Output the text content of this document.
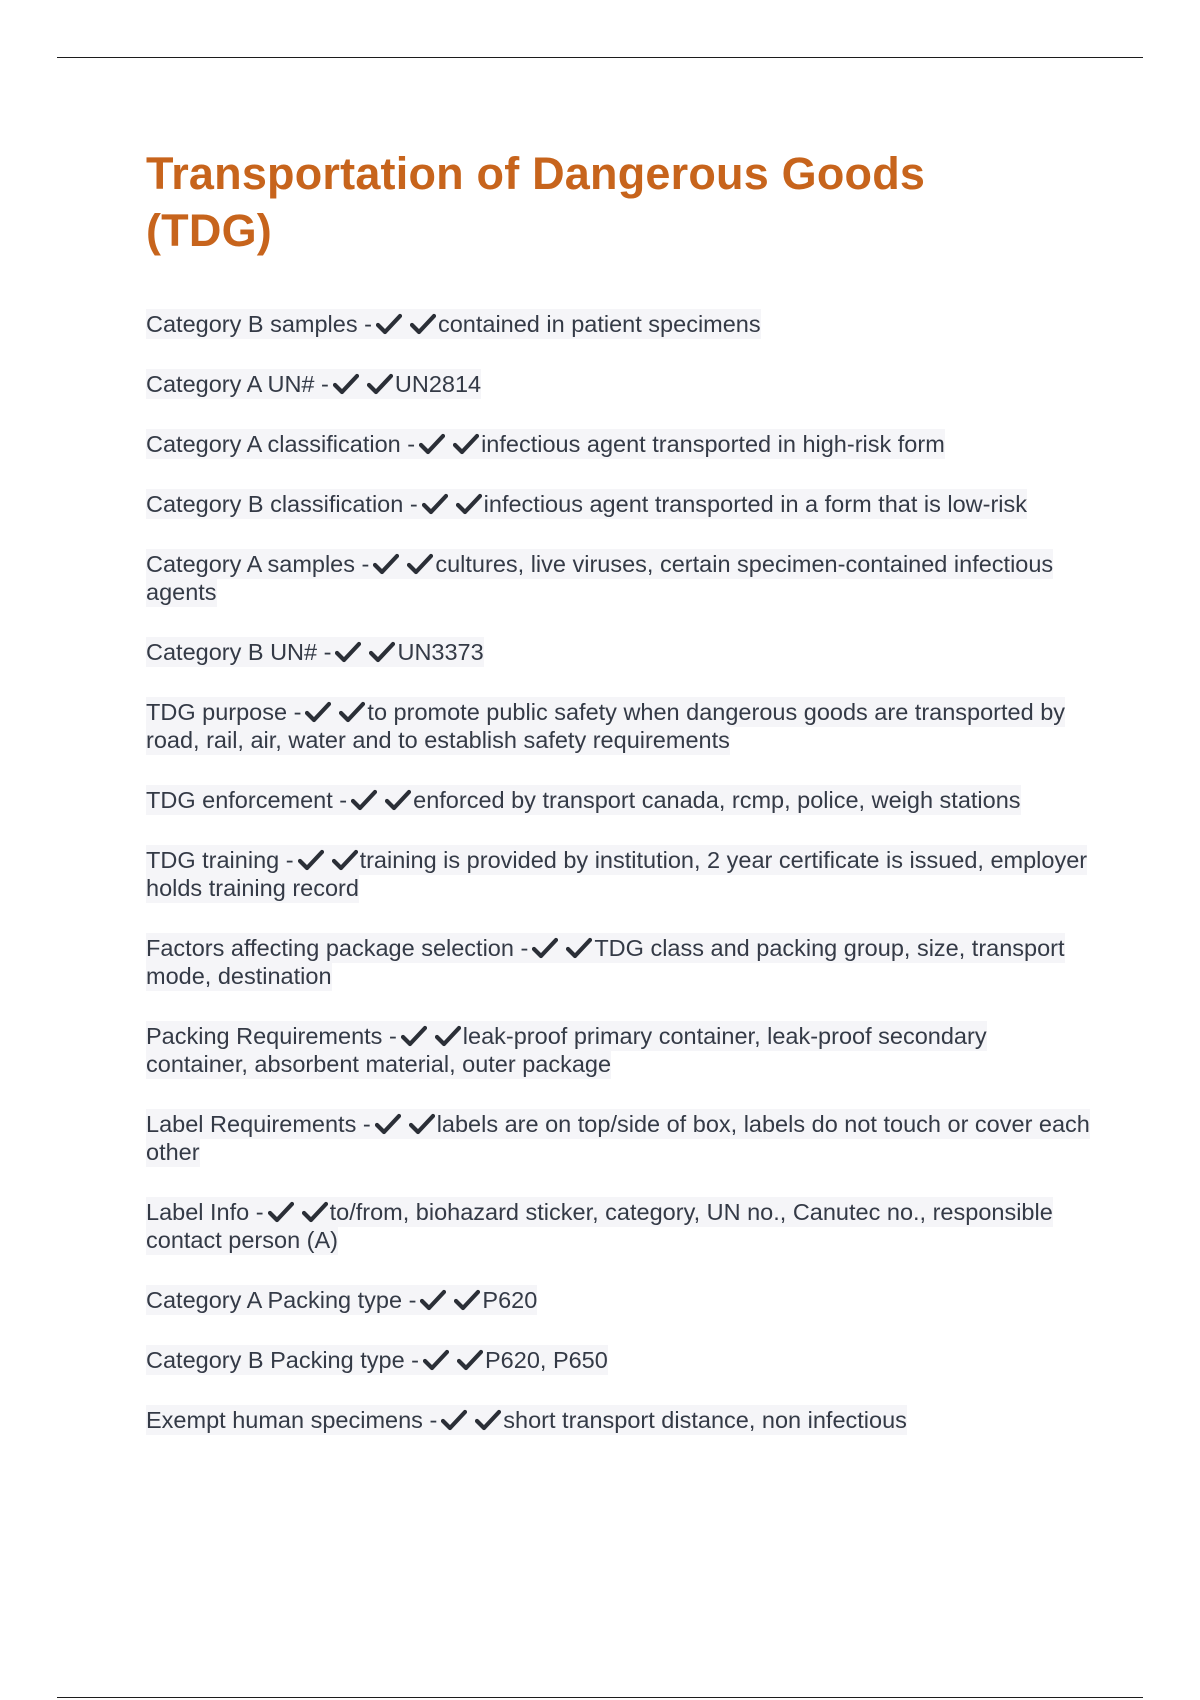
Transportation of Dangerous Goods (TDG)

Category B samples -	contained in patient specimens

Category A UN# -	UN2814

Category A classification -	infectious agent transported in high-risk form

Category B classification -	infectious agent transported in a form that is low-risk

Category A samples -	cultures, live viruses, certain specimen-contained infectious agents

Category B UN# -	UN3373

TDG purpose -	to promote public safety when dangerous goods are transported by road, rail, air, water and to establish safety requirements

TDG enforcement -	enforced by transport canada, rcmp, police, weigh stations

TDG training -	training is provided by institution, 2 year certificate is issued, employer holds training record

Factors affecting package selection -	TDG class and packing group, size, transport mode, destination

Packing Requirements -	leak-proof primary container, leak-proof secondary container, absorbent material, outer package

Label Requirements -	labels are on top/side of box, labels do not touch or cover each other

Label Info -	to/from, biohazard sticker, category, UN no., Canutec no., responsible contact person (A)

Category A Packing type -	P620

Category B Packing type -	P620, P650

Exempt human specimens -	short transport distance, non infectious
